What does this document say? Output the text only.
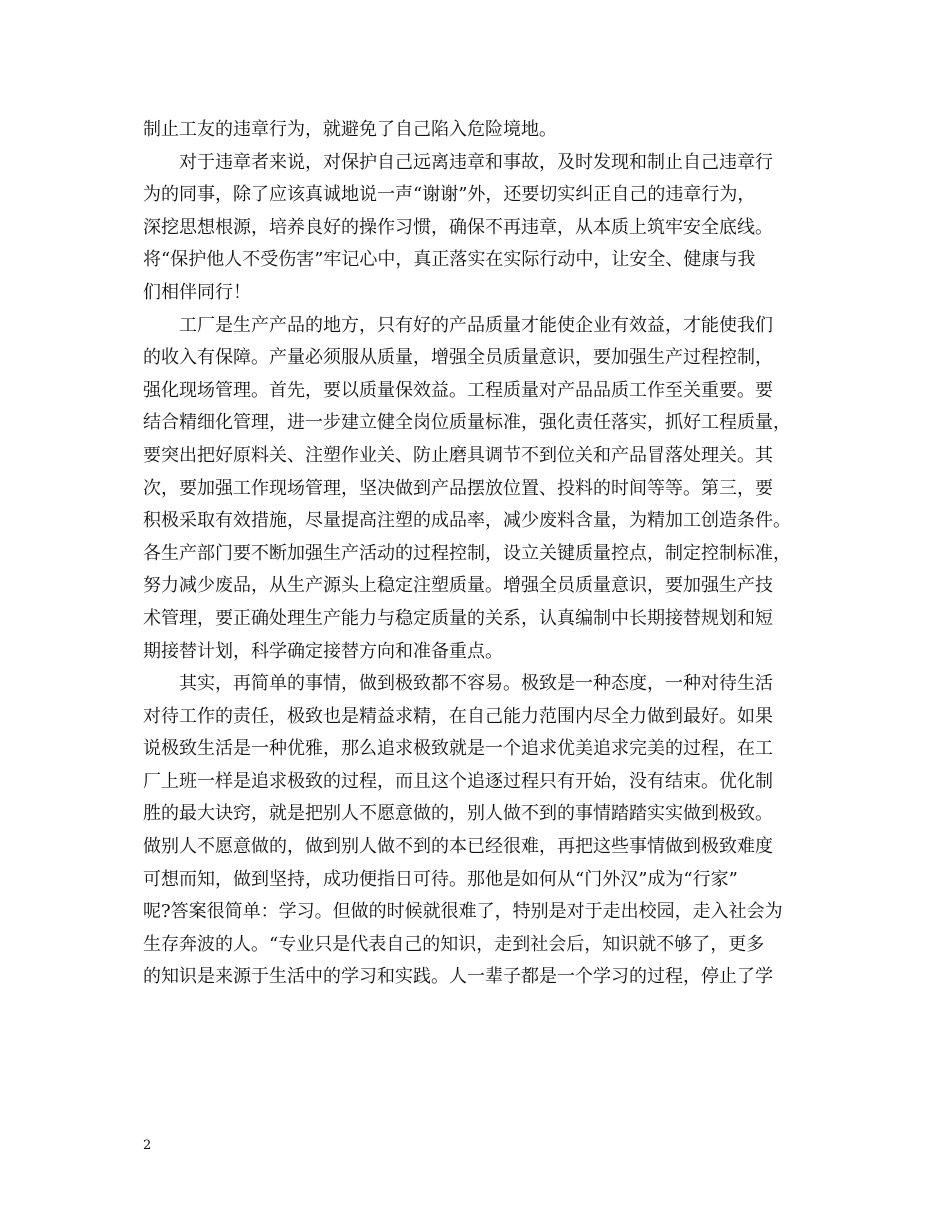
制止工友的违章行为，就避免了自己陷入危险境地。
　　对于违章者来说，对保护自己远离违章和事故，及时发现和制止自己违章行
为的同事，除了应该真诚地说一声“谢谢”外，还要切实纠正自己的违章行为，
深挖思想根源，培养良好的操作习惯，确保不再违章，从本质上筑牢安全底线。
将“保护他人不受伤害”牢记心中，真正落实在实际行动中，让安全、健康与我
们相伴同行！
　　工厂是生产产品的地方，只有好的产品质量才能使企业有效益，才能使我们
的收入有保障。产量必须服从质量，增强全员质量意识，要加强生产过程控制，
强化现场管理。首先，要以质量保效益。工程质量对产品品质工作至关重要。要
结合精细化管理，进一步建立健全岗位质量标准，强化责任落实，抓好工程质量，
要突出把好原料关、注塑作业关、防止磨具调节不到位关和产品冒落处理关。其
次，要加强工作现场管理，坚决做到产品摆放位置、投料的时间等等。第三，要
积极采取有效措施，尽量提高注塑的成品率，减少废料含量，为精加工创造条件。
各生产部门要不断加强生产活动的过程控制，设立关键质量控点，制定控制标准，
努力减少废品，从生产源头上稳定注塑质量。增强全员质量意识，要加强生产技
术管理，要正确处理生产能力与稳定质量的关系，认真编制中长期接替规划和短
期接替计划，科学确定接替方向和准备重点。
　　其实，再简单的事情，做到极致都不容易。极致是一种态度，一种对待生活
对待工作的责任，极致也是精益求精，在自己能力范围内尽全力做到最好。如果
说极致生活是一种优雅，那么追求极致就是一个追求优美追求完美的过程，在工
厂上班一样是追求极致的过程，而且这个追逐过程只有开始，没有结束。优化制
胜的最大诀窍，就是把别人不愿意做的，别人做不到的事情踏踏实实做到极致。
做别人不愿意做的，做到别人做不到的本已经很难，再把这些事情做到极致难度
可想而知，做到坚持，成功便指日可待。那他是如何从“门外汉”成为“行家”
呢?答案很简单：学习。但做的时候就很难了，特别是对于走出校园，走入社会为
生存奔波的人。“专业只是代表自己的知识，走到社会后，知识就不够了，更多
的知识是来源于生活中的学习和实践。人一辈子都是一个学习的过程，停止了学
2
